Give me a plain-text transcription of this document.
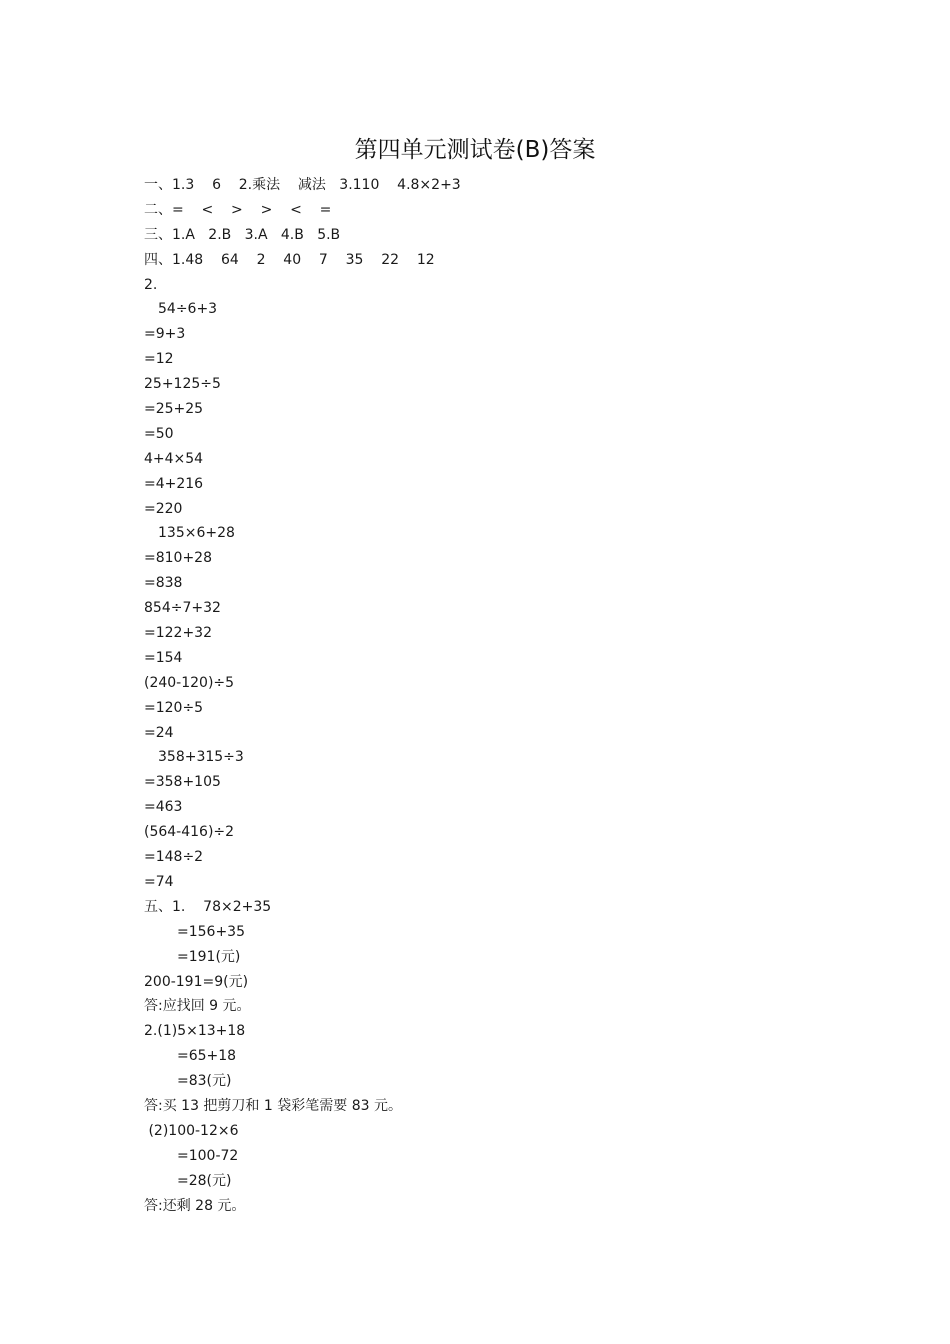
第四单元测试卷(B)答案
一、1.3    6    2.乘法    减法   3.110    4.8×2+3
二、=    <    >    >    <    =
三、1.A   2.B   3.A   4.B   5.B
四、1.48    64    2    40    7    35    22    12
2.
54÷6+3
=9+3
=12
25+125÷5
=25+25
=50
4+4×54
=4+216
=220
135×6+28
=810+28
=838
854÷7+32
=122+32
=154
(240-120)÷5
=120÷5
=24
358+315÷3
=358+105
=463
(564-416)÷2
=148÷2
=74
五、1.    78×2+35
=156+35
=191(元)
200-191=9(元)
答:应找回 9 元。
2.(1)5×13+18
=65+18
=83(元)
答:买 13 把剪刀和 1 袋彩笔需要 83 元。
(2)100-12×6
=100-72
=28(元)
答:还剩 28 元。
